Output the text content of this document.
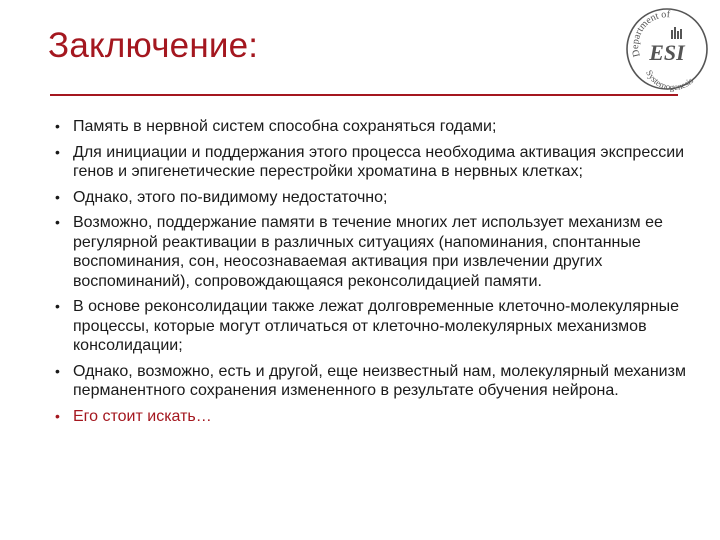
Заключение:	Department of
Systemogenesis
ESI
• Память в нервной систем способна сохраняться годами;
• Для инициации и поддержания этого процесса необходима активация экспрессии генов и эпигенетические перестройки хроматина в нервных клетках;
• Однако, этого по-видимому недостаточно;
• Возможно, поддержание памяти в течение многих лет использует механизм ее регулярной реактивации в различных ситуациях (напоминания, спонтанные воспоминания, сон, неосознаваемая активация при извлечении других воспоминаний), сопровождающаяся реконсолидацией памяти.
• В основе реконсолидации также лежат долговременные клеточно-молекулярные процессы, которые могут отличаться от клеточно-молекулярных механизмов консолидации;
• Однако, возможно, есть и другой, еще неизвестный нам, молекулярный механизм перманентного сохранения измененного в результате обучения нейрона.
• Его стоит искать…
